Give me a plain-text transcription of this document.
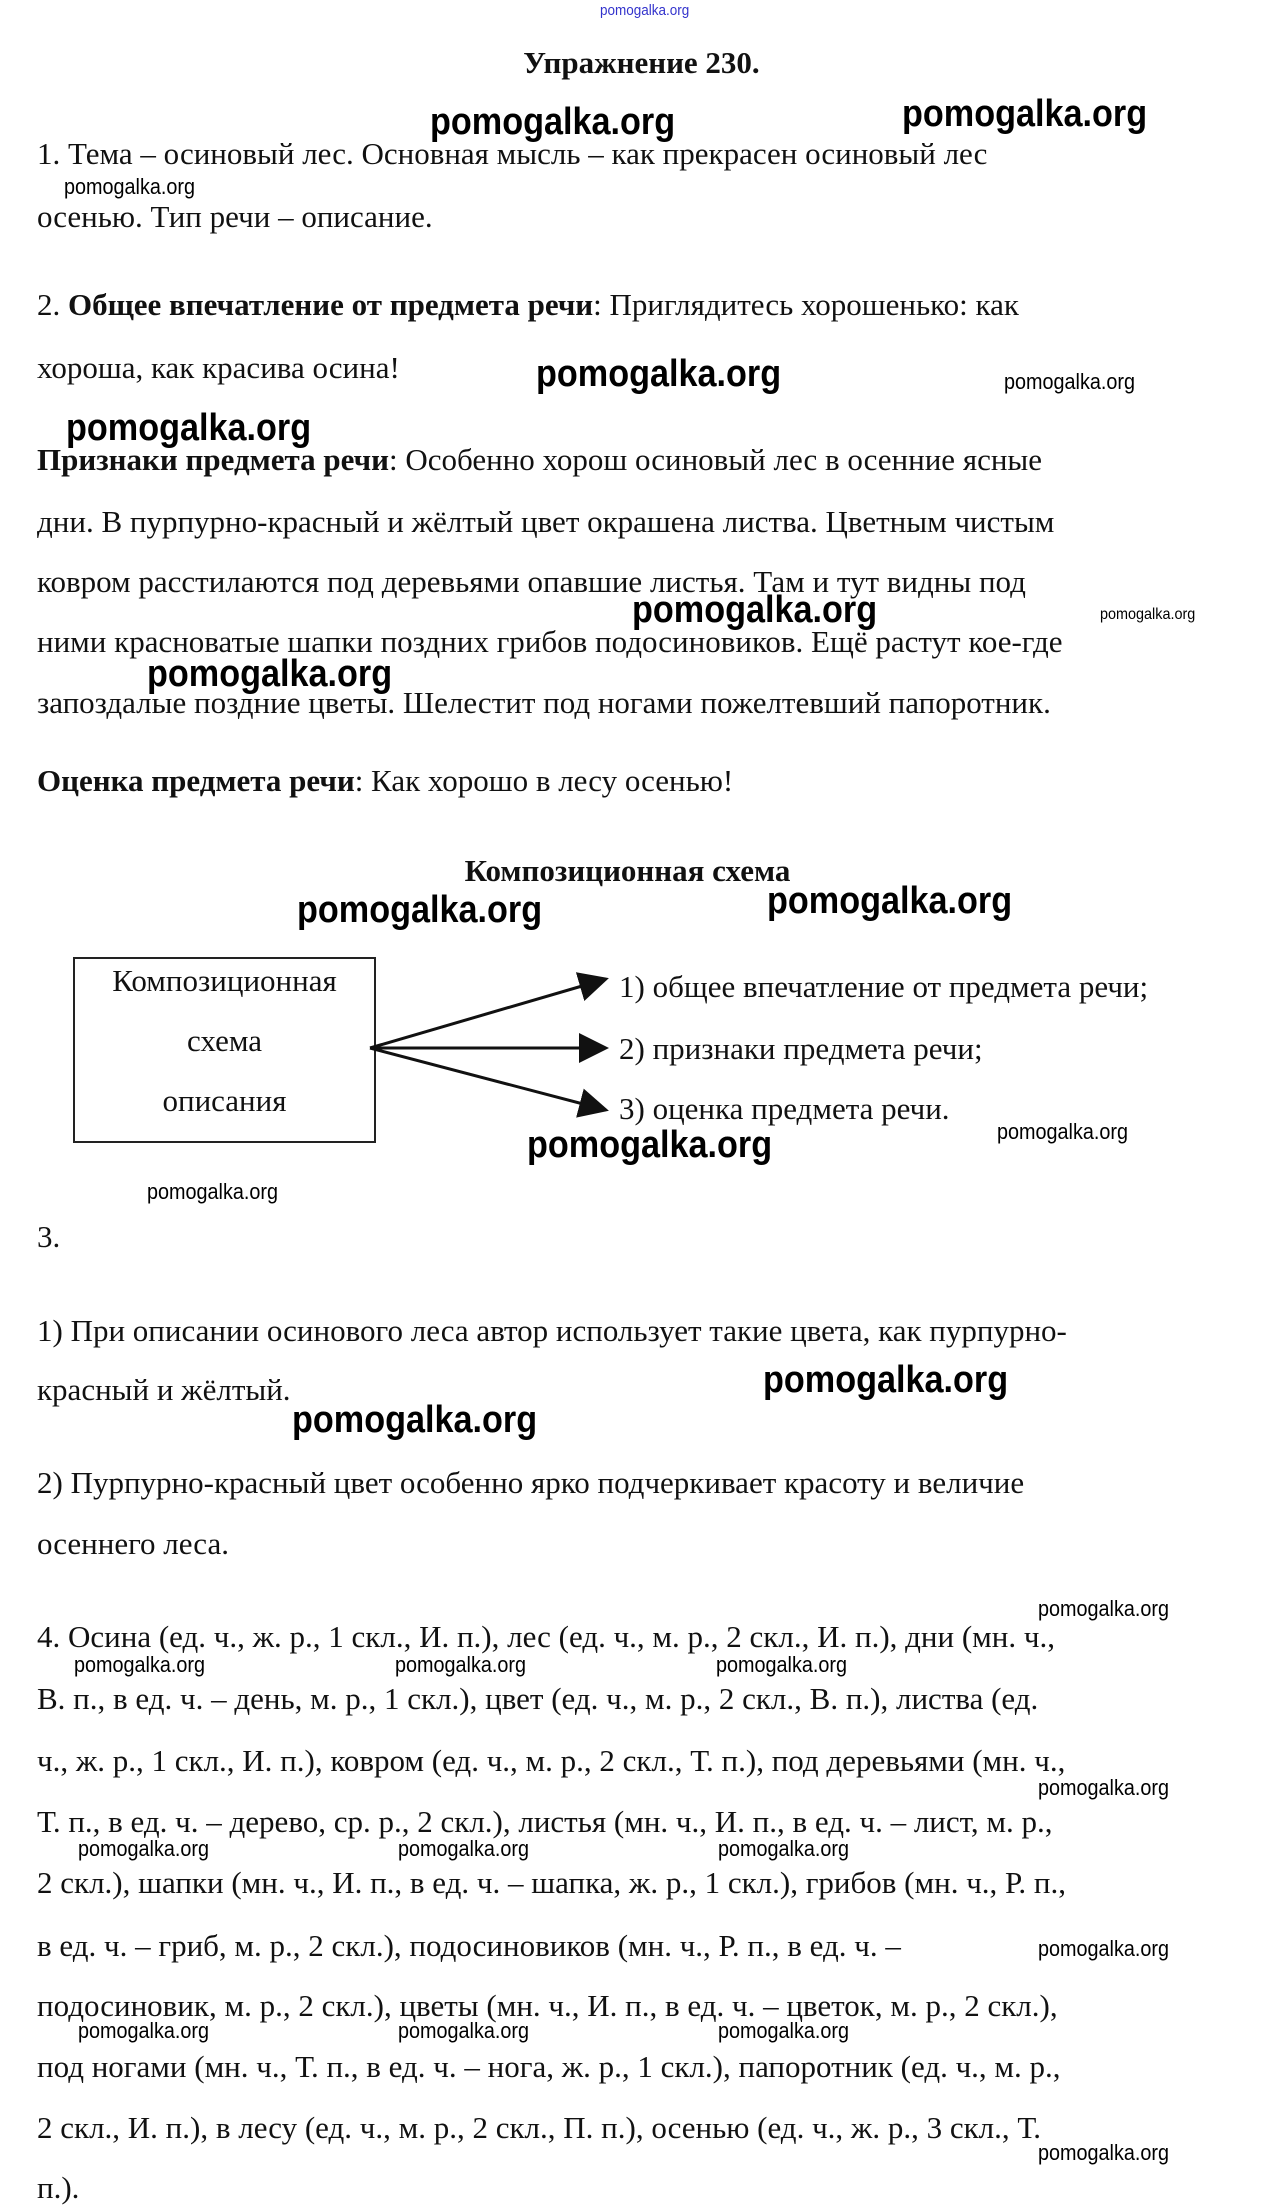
pomogalka.org
Упражнение 230.
1. Тема – осиновый лес. Основная мысль – как прекрасен осиновый лес
осенью. Тип речи – описание.
2. Общее впечатление от предмета речи: Приглядитесь хорошенько: как
хороша, как красива осина!
Признаки предмета речи: Особенно хорош осиновый лес в осенние ясные
дни. В пурпурно-красный и жёлтый цвет окрашена листва. Цветным чистым
ковром расстилаются под деревьями опавшие листья. Там и тут видны под
ними красноватые шапки поздних грибов подосиновиков. Ещё растут кое-где
запоздалые поздние цветы. Шелестит под ногами пожелтевший папоротник.
Оценка предмета речи: Как хорошо в лесу осенью!
Композиционная схема
Композиционная
схема
описания
1) общее впечатление от предмета речи;
2) признаки предмета речи;
3) оценка предмета речи.
3.
1) При описании осинового леса автор использует такие цвета, как пурпурно-
красный и жёлтый.
2) Пурпурно-красный цвет особенно ярко подчеркивает красоту и величие
осеннего леса.
4. Осина (ед. ч., ж. р., 1 скл., И. п.), лес (ед. ч., м. р., 2 скл., И. п.), дни (мн. ч.,
В. п., в ед. ч. – день, м. р., 1 скл.), цвет (ед. ч., м. р., 2 скл., В. п.), листва (ед.
ч., ж. р., 1 скл., И. п.), ковром (ед. ч., м. р., 2 скл., Т. п.), под деревьями (мн. ч.,
Т. п., в ед. ч. – дерево, ср. р., 2 скл.), листья (мн. ч., И. п., в ед. ч. – лист, м. р.,
2 скл.), шапки (мн. ч., И. п., в ед. ч. – шапка, ж. р., 1 скл.), грибов (мн. ч., Р. п.,
в ед. ч. – гриб, м. р., 2 скл.), подосиновиков (мн. ч., Р. п., в ед. ч. –
подосиновик, м. р., 2 скл.), цветы (мн. ч., И. п., в ед. ч. – цветок, м. р., 2 скл.),
под ногами (мн. ч., Т. п., в ед. ч. – нога, ж. р., 1 скл.), папоротник (ед. ч., м. р.,
2 скл., И. п.), в лесу (ед. ч., м. р., 2 скл., П. п.), осенью (ед. ч., ж. р., 3 скл., Т.
п.).
pomogalka.org	pomogalka.org
pomogalka.org
pomogalka.org	pomogalka.org
pomogalka.org
pomogalka.org	pomogalka.org
pomogalka.org
pomogalka.org	pomogalka.org
pomogalka.org	pomogalka.org
pomogalka.org
pomogalka.org
pomogalka.org
pomogalka.org
pomogalka.org	pomogalka.org	pomogalka.org
pomogalka.org
pomogalka.org	pomogalka.org	pomogalka.org
pomogalka.org
pomogalka.org	pomogalka.org	pomogalka.org
pomogalka.org
